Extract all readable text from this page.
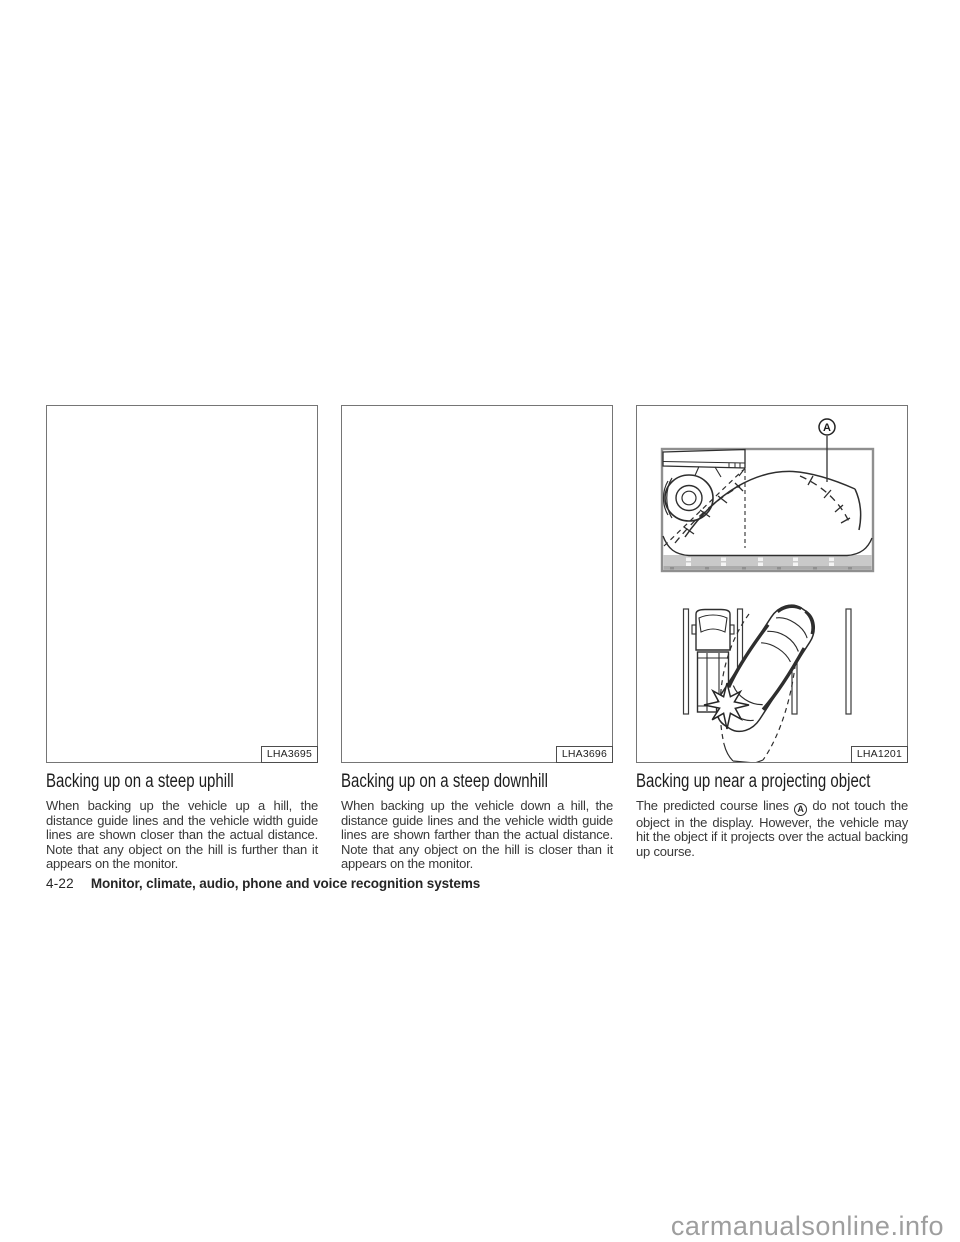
LHA3695
Backing up on a steep uphill

When backing up the vehicle up a hill, the distance guide lines and the vehicle width guide lines are shown closer than the actual distance. Note that any object on the hill is further than it appears on the monitor.

LHA3696
Backing up on a steep downhill

When backing up the vehicle down a hill, the distance guide lines and the vehicle width guide lines are shown farther than the actual distance. Note that any object on the hill is closer than it appears on the monitor.

A
LHA1201
Backing up near a projecting object

The predicted course lines A do not touch the object in the display. However, the vehicle may hit the object if it projects over the actual backing up course.

4-22 Monitor, climate, audio, phone and voice recognition systems
carmanualsonline.info
